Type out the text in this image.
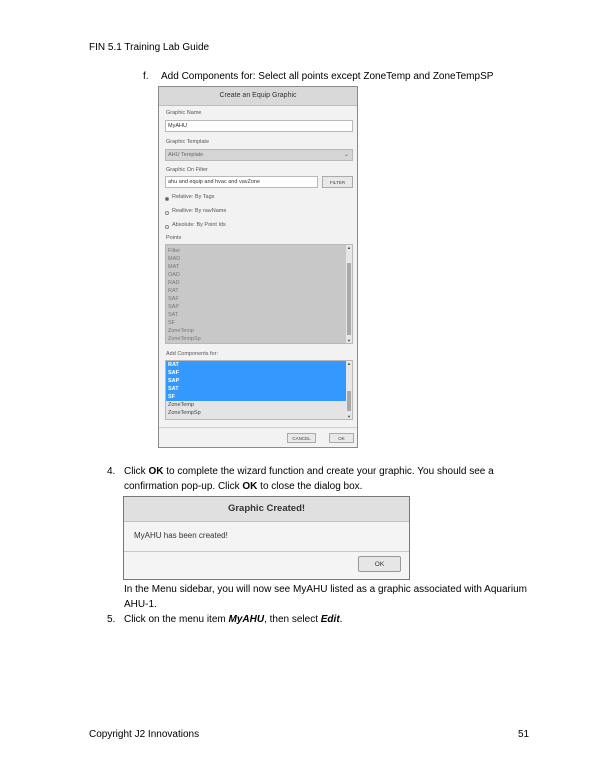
FIN 5.1 Training Lab Guide
f. Add Components for: Select all points except ZoneTemp and ZoneTempSP
Create an Equip Graphic
Graphic Name
MyAHU
Graphic Template
AHU Template	⌄
Graphic On Filter
ahu and equip and hvac and vavZone	FILTER
Relative: By Tags
Realtive: By navName
Absolute: By Point Ids
Points
Filter
MAD
MAT
OAD
RAD
RAT
SAF
SAP
SAT
SF
ZoneTemp
ZoneTempSp
▲
▼
Add Components for:
RAT
SAF
SAP
SAT
SF
ZoneTemp
ZoneTempSp
▲
▼
CANCEL	OK
4. Click OK to complete the wizard function and create your graphic. You should see a
confirmation pop-up. Click OK to close the dialog box.
Graphic Created!
MyAHU has been created!
OK
In the Menu sidebar, you will now see MyAHU listed as a graphic associated with Aquarium
AHU-1.
5. Click on the menu item MyAHU, then select Edit.
Copyright J2 Innovations	51
